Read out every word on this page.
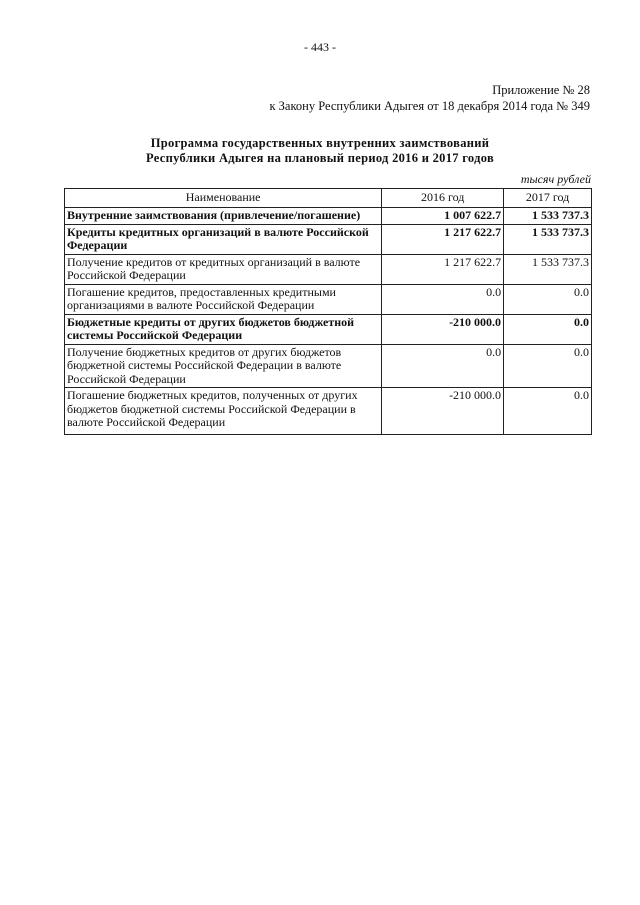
- 443 -
Приложение № 28
к Закону Республики Адыгея от 18 декабря 2014 года № 349
Программа государственных внутренних заимствований
Республики Адыгея на плановый период 2016 и 2017 годов
тысяч рублей
Наименование	2016 год	2017 год
Внутренние заимствования (привлечение/погашение)	1 007 622.7	1 533 737.3
Кредиты кредитных организаций в валюте Российской Федерации	1 217 622.7	1 533 737.3
Получение кредитов от кредитных организаций в валюте Российской Федерации	1 217 622.7	1 533 737.3
Погашение кредитов, предоставленных кредитными организациями в валюте Российской Федерации	0.0	0.0
Бюджетные кредиты от других бюджетов бюджетной системы Российской Федерации	-210 000.0	0.0
Получение бюджетных кредитов от других бюджетов бюджетной системы Российской Федерации в валюте Российской Федерации	0.0	0.0
Погашение бюджетных кредитов, полученных от других бюджетов бюджетной системы Российской Федерации в валюте Российской Федерации	-210 000.0	0.0
